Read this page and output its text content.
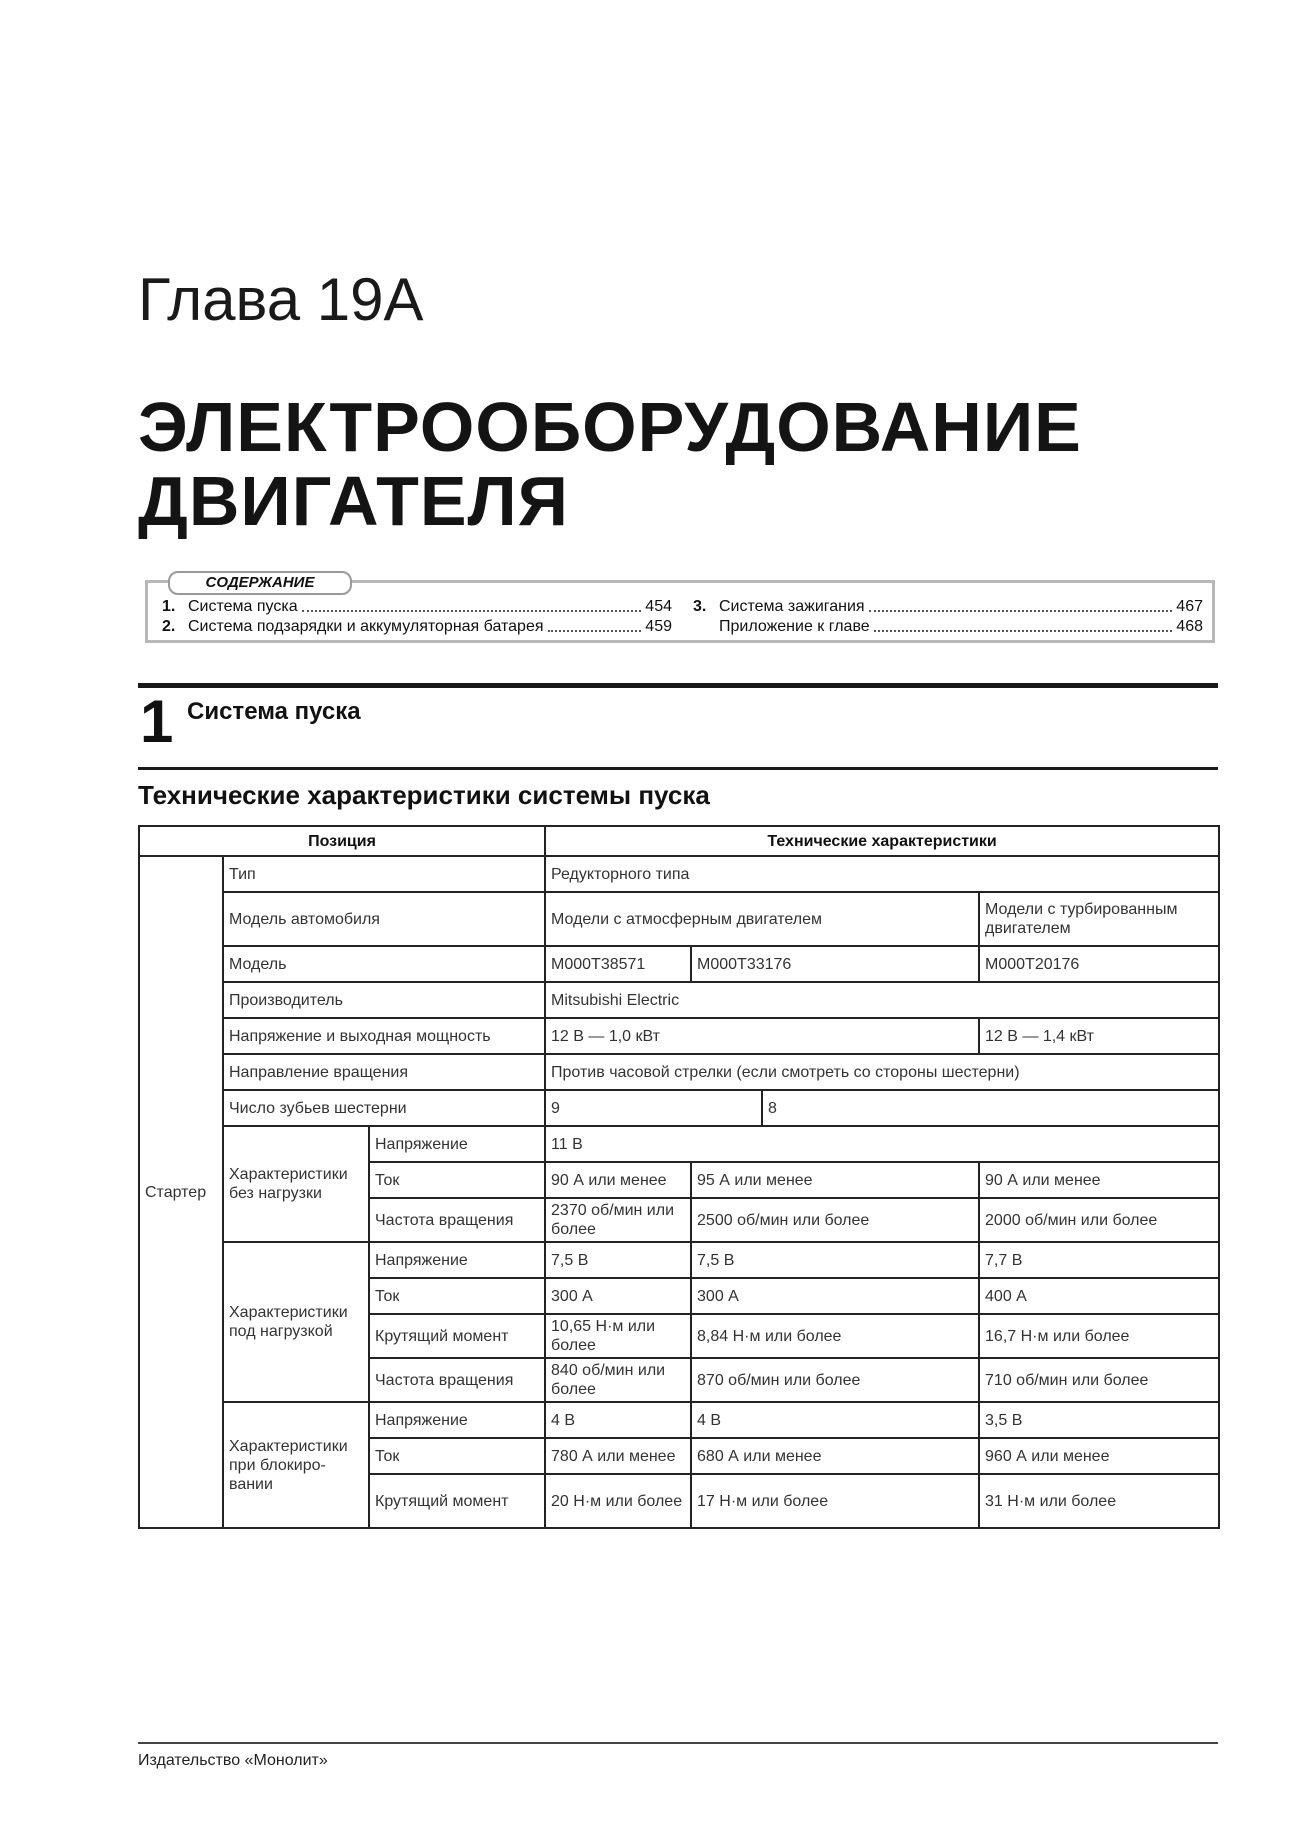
Глава 19А
ЭЛЕКТРООБОРУДОВАНИЕ
ДВИГАТЕЛЯ
СОДЕРЖАНИЕ
1. Система пуска	454
2. Система подзарядки и аккумуляторная батарея	459
3. Система зажигания	467
Приложение к главе	468
1 Система пуска
Технические характеристики системы пуска
Позиция			Технические характеристики				
Стартер	Тип		Редукторного типа				
	Модель автомобиля		Модели с атмосферным двигателем			Модели с турбированным двигателем	
	Модель		M000T38571	M000T33176		M000T20176	
	Производитель		Mitsubishi Electric				
	Напряжение и выходная мощность		12 В — 1,0 кВт			12 В — 1,4 кВт	
	Направление вращения		Против часовой стрелки (если смотреть со стороны шестерни)				
	Число зубьев шестерни		9		8	
	Характеристики без нагрузки	Напряжение	11 В				
		Ток	90 А или менее	95 А или менее		90 А или менее	
		Частота вращения	2370 об/мин или более	2500 об/мин или более		2000 об/мин или более	
	Характеристики под нагрузкой	Напряжение	7,5 В	7,5 В		7,7 В	
		Ток	300 А	300 А		400 А	
		Крутящий момент	10,65 Н·м или более	8,84 Н·м или более		16,7 Н·м или более	
		Частота вращения	840 об/мин или более	870 об/мин или более		710 об/мин или более	
	Характеристики при блокиро-вании	Напряжение	4 В	4 В		3,5 В	
		Ток	780 А или менее	680 А или менее		960 А или менее	
		Крутящий момент	20 Н·м или более	17 Н·м или более		31 Н·м или более	
Издательство «Монолит»
